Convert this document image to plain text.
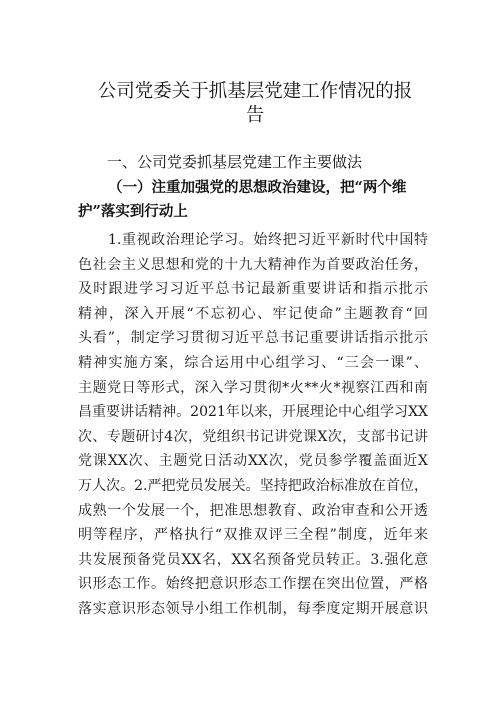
公司党委关于抓基层党建工作情况的报告
一、公司党委抓基层党建工作主要做法
（一）注重加强党的思想政治建设，把“两个维
护”落实到行动上
1.重视政治理论学习。始终把习近平新时代中国特
色社会主义思想和党的十九大精神作为首要政治任务，
及时跟进学习习近平总书记最新重要讲话和指示批示
精神，深入开展“不忘初心、牢记使命”主题教育“回
头看”，制定学习贯彻习近平总书记重要讲话指示批示
精神实施方案，综合运用中心组学习、“三会一课”、
主题党日等形式，深入学习贯彻*火**火*视察江西和南
昌重要讲话精神。2021年以来，开展理论中心组学习XX
次、专题研讨4次，党组织书记讲党课X次，支部书记讲
党课XX次、主题党日活动XX次，党员参学覆盖面近X
万人次。2.严把党员发展关。坚持把政治标准放在首位，
成熟一个发展一个，把准思想教育、政治审查和公开透
明等程序，严格执行“双推双评三全程”制度，近年来
共发展预备党员XX名，XX名预备党员转正。3.强化意
识形态工作。始终把意识形态工作摆在突出位置，严格
落实意识形态领导小组工作机制，每季度定期开展意识
